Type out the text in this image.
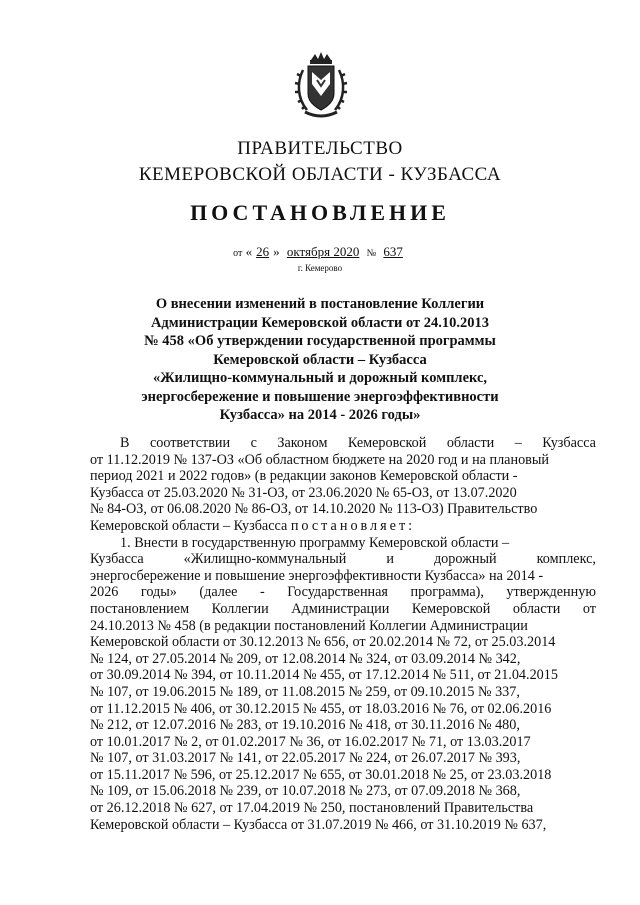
ПРАВИТЕЛЬСТВО
КЕМЕРОВСКОЙ ОБЛАСТИ - КУЗБАССА
ПОСТАНОВЛЕНИЕ
от « 26 » октября 2020 № 637
г. Кемерово
О внесении изменений в постановление Коллегии
Администрации Кемеровской области от 24.10.2013
№ 458 «Об утверждении государственной программы
Кемеровской области – Кузбасса
«Жилищно-коммунальный и дорожный комплекс,
энергосбережение и повышение энергоэффективности
Кузбасса» на 2014 - 2026 годы»
В соответствии с Законом Кемеровской области – Кузбасса
от 11.12.2019 № 137-ОЗ «Об областном бюджете на 2020 год и на плановый
период 2021 и 2022 годов» (в редакции законов Кемеровской области -
Кузбасса от 25.03.2020 № 31-ОЗ, от 23.06.2020 № 65-ОЗ, от 13.07.2020
№ 84-ОЗ, от 06.08.2020 № 86-ОЗ, от 14.10.2020 № 113-ОЗ) Правительство
Кемеровской области – Кузбасса
постановляет:
1. Внести в государственную программу Кемеровской области –
Кузбасса	«Жилищно-коммунальный	и	дорожный	комплекс,
энергосбережение и повышение энергоэффективности Кузбасса» на 2014 -
2026 годы» (далее - Государственная программа), утвержденную
постановлением Коллегии Администрации Кемеровской области от
24.10.2013 № 458 (в редакции постановлений Коллегии Администрации
Кемеровской области от 30.12.2013 № 656, от 20.02.2014 № 72, от 25.03.2014
№ 124, от 27.05.2014 № 209, от 12.08.2014 № 324, от 03.09.2014 № 342,
от 30.09.2014 № 394, от 10.11.2014 № 455, от 17.12.2014 № 511, от 21.04.2015
№ 107, от 19.06.2015 № 189, от 11.08.2015 № 259, от 09.10.2015 № 337,
от 11.12.2015 № 406, от 30.12.2015 № 455, от 18.03.2016 № 76, от 02.06.2016
№ 212, от 12.07.2016 № 283, от 19.10.2016 № 418, от 30.11.2016 № 480,
от 10.01.2017 № 2, от 01.02.2017 № 36, от 16.02.2017 № 71, от 13.03.2017
№ 107, от 31.03.2017 № 141, от 22.05.2017 № 224, от 26.07.2017 № 393,
от 15.11.2017 № 596, от 25.12.2017 № 655, от 30.01.2018 № 25, от 23.03.2018
№ 109, от 15.06.2018 № 239, от 10.07.2018 № 273, от 07.09.2018 № 368,
от 26.12.2018 № 627, от 17.04.2019 № 250, постановлений Правительства
Кемеровской области – Кузбасса от 31.07.2019 № 466, от 31.10.2019 № 637,
